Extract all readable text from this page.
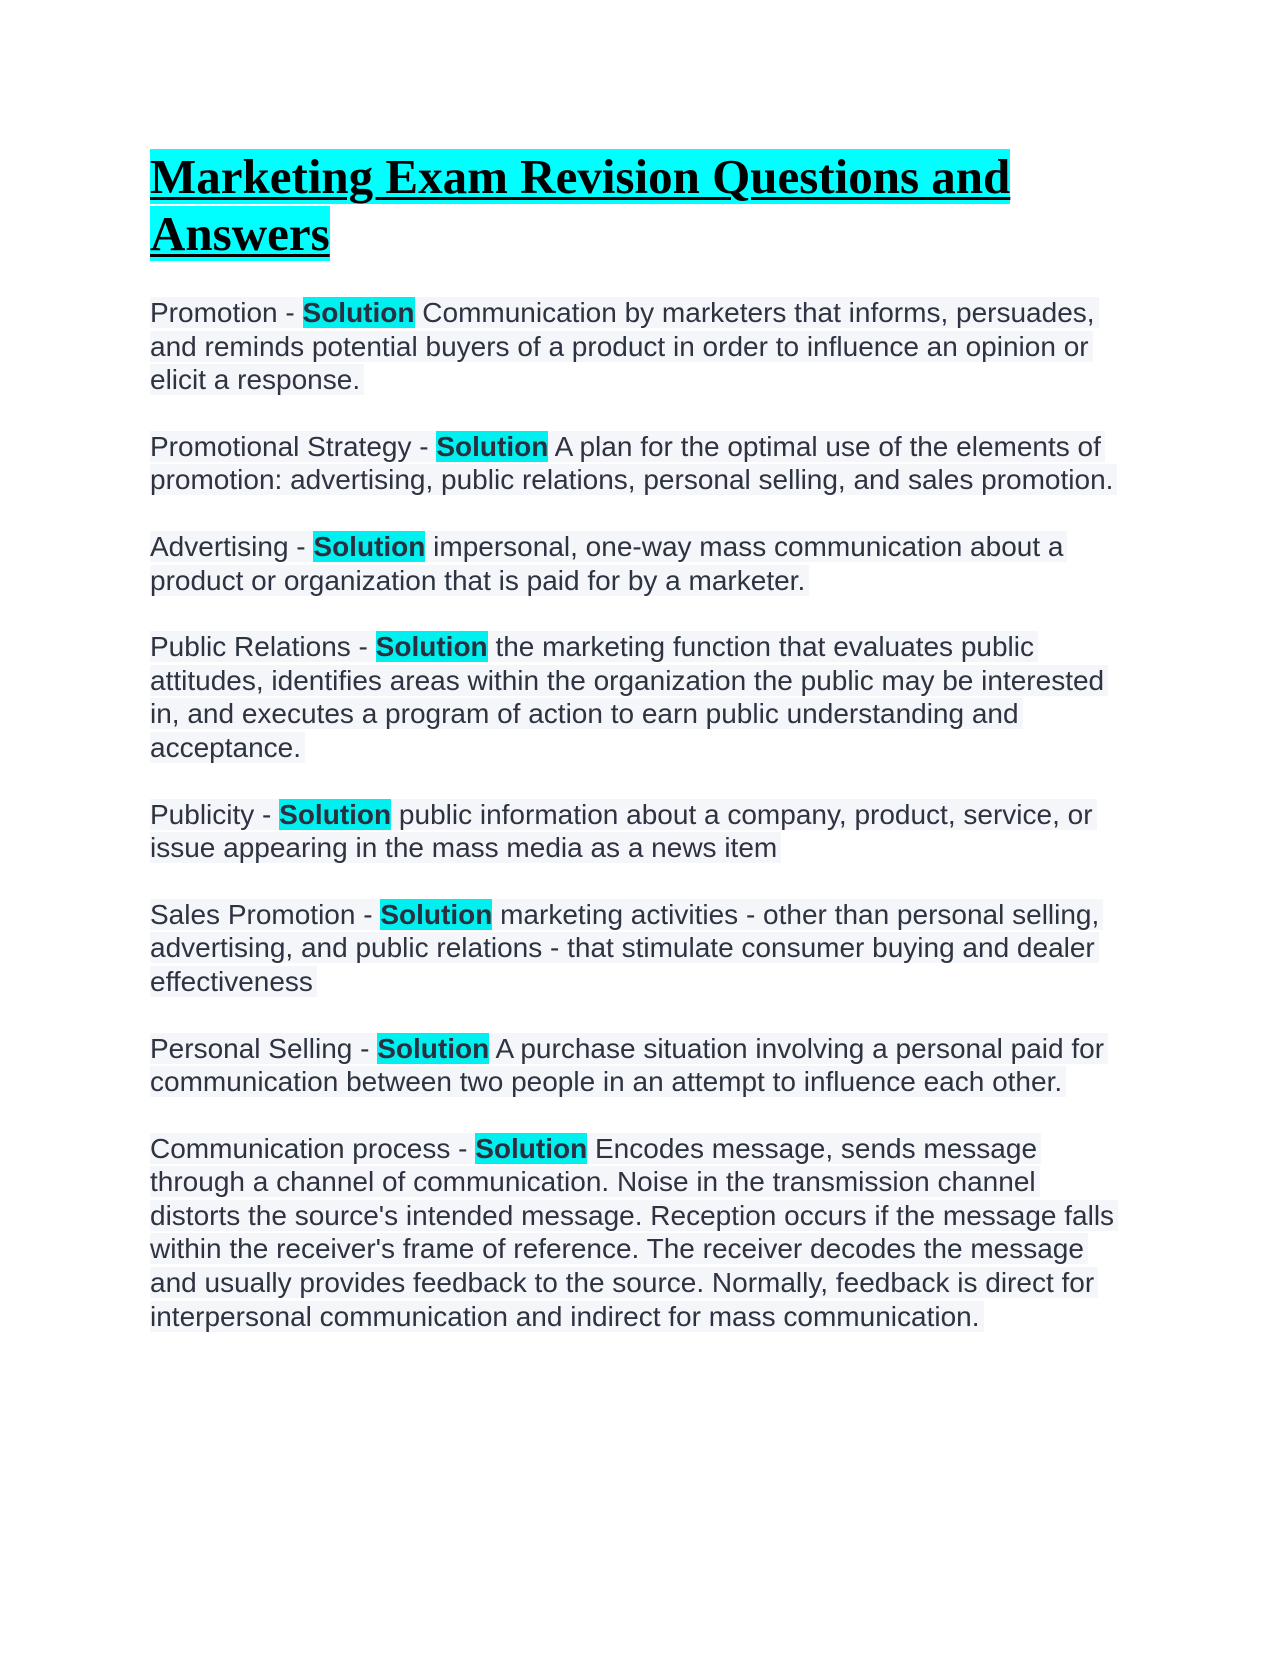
Marketing Exam Revision Questions and Answers

Promotion - Solution Communication by marketers that informs, persuades, and reminds potential buyers of a product in order to influence an opinion or elicit a response.

Promotional Strategy - Solution A plan for the optimal use of the elements of promotion: advertising, public relations, personal selling, and sales promotion.

Advertising - Solution impersonal, one-way mass communication about a product or organization that is paid for by a marketer.

Public Relations - Solution the marketing function that evaluates public attitudes, identifies areas within the organization the public may be interested in, and executes a program of action to earn public understanding and acceptance.

Publicity - Solution public information about a company, product, service, or issue appearing in the mass media as a news item

Sales Promotion - Solution marketing activities - other than personal selling, advertising, and public relations - that stimulate consumer buying and dealer effectiveness

Personal Selling - Solution A purchase situation involving a personal paid for communication between two people in an attempt to influence each other.

Communication process - Solution Encodes message, sends message through a channel of communication. Noise in the transmission channel distorts the source's intended message. Reception occurs if the message falls within the receiver's frame of reference. The receiver decodes the message and usually provides feedback to the source. Normally, feedback is direct for interpersonal communication and indirect for mass communication.
